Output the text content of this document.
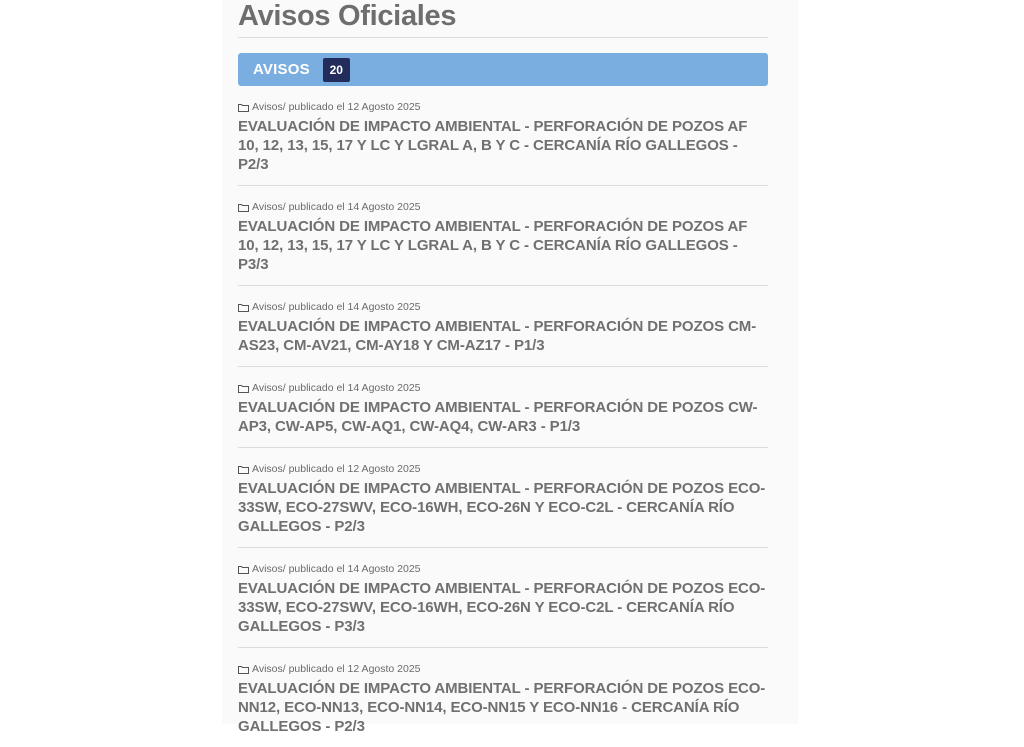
Avisos Oficiales
AVISOS	20
Avisos / publicado el 12 Agosto 2025
EVALUACIÓN DE IMPACTO AMBIENTAL - PERFORACIÓN DE POZOS AF 10, 12, 13, 15, 17 Y LC Y LGRAL A, B Y C - CERCANÍA RÍO GALLEGOS - P2/3
Avisos / publicado el 14 Agosto 2025
EVALUACIÓN DE IMPACTO AMBIENTAL - PERFORACIÓN DE POZOS AF 10, 12, 13, 15, 17 Y LC Y LGRAL A, B Y C - CERCANÍA RÍO GALLEGOS - P3/3
Avisos / publicado el 14 Agosto 2025
EVALUACIÓN DE IMPACTO AMBIENTAL - PERFORACIÓN DE POZOS CM-AS23, CM-AV21, CM-AY18 Y CM-AZ17 - P1/3
Avisos / publicado el 14 Agosto 2025
EVALUACIÓN DE IMPACTO AMBIENTAL - PERFORACIÓN DE POZOS CW-AP3, CW-AP5, CW-AQ1, CW-AQ4, CW-AR3 - P1/3
Avisos / publicado el 12 Agosto 2025
EVALUACIÓN DE IMPACTO AMBIENTAL - PERFORACIÓN DE POZOS ECO-33SW, ECO-27SWV, ECO-16WH, ECO-26N Y ECO-C2L - CERCANÍA RÍO GALLEGOS - P2/3
Avisos / publicado el 14 Agosto 2025
EVALUACIÓN DE IMPACTO AMBIENTAL - PERFORACIÓN DE POZOS ECO-33SW, ECO-27SWV, ECO-16WH, ECO-26N Y ECO-C2L - CERCANÍA RÍO GALLEGOS - P3/3
Avisos / publicado el 12 Agosto 2025
EVALUACIÓN DE IMPACTO AMBIENTAL - PERFORACIÓN DE POZOS ECO-NN12, ECO-NN13, ECO-NN14, ECO-NN15 Y ECO-NN16 - CERCANÍA RÍO GALLEGOS - P2/3
